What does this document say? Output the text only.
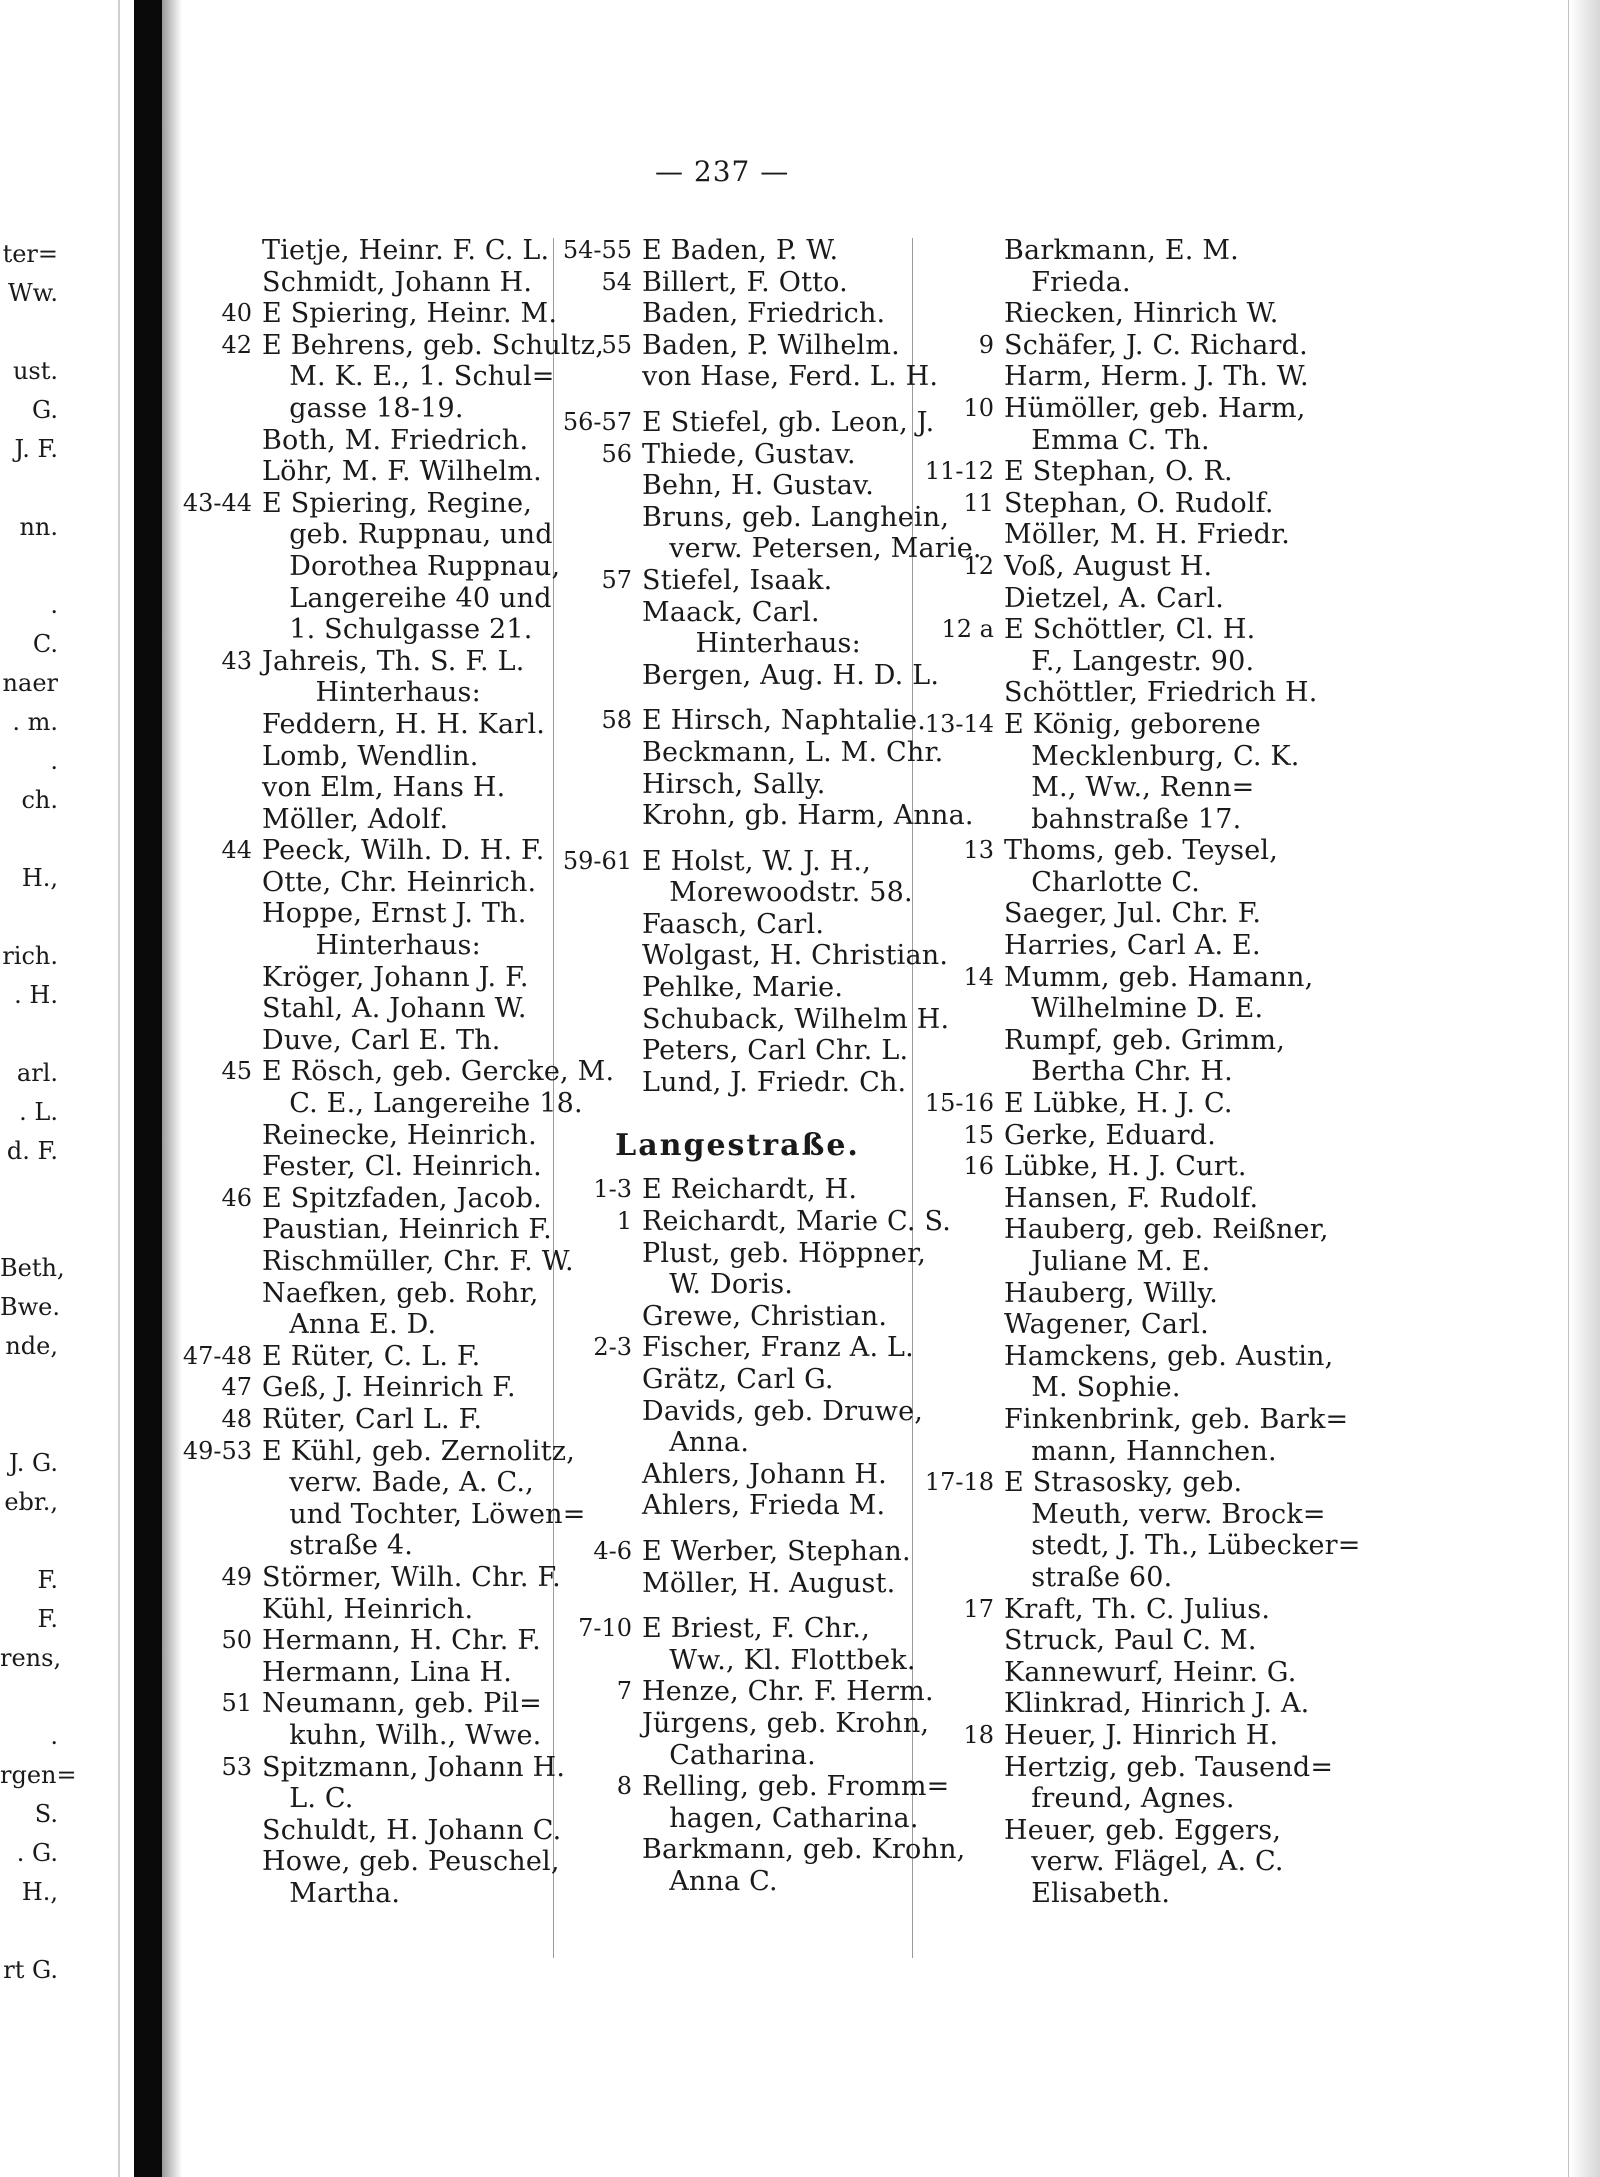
ter=
Ww.
ust.
G.
J. F.
nn.
.
C.
naer
. m.
.
ch.
H.,
rich.
. H.
arl.
. L.
d. F.
Beth,
Bwe.
nde,
J. G.
ebr.,
F.
F.
rens,
.
rgen=
S.
. G.
H.,
rt G.
— 237 —
Tietje, Heinr. F. C. L.
Schmidt, Johann H.
40 E Spiering, Heinr. M.
42 E Behrens, geb. Schultz,
 M. K. E., 1. Schul=
 gasse 18-19.
Both, M. Friedrich.
Löhr, M. F. Wilhelm.
43-44 E Spiering, Regine,
 geb. Ruppnau, und
 Dorothea Ruppnau,
 Langereihe 40 und
 1. Schulgasse 21.
43 Jahreis, Th. S. F. L.
    Hinterhaus:
Feddern, H. H. Karl.
Lomb, Wendlin.
von Elm, Hans H.
Möller, Adolf.
44 Peeck, Wilh. D. H. F.
Otte, Chr. Heinrich.
Hoppe, Ernst J. Th.
    Hinterhaus:
Kröger, Johann J. F.
Stahl, A. Johann W.
Duve, Carl E. Th.
45 E Rösch, geb. Gercke, M.
 C. E., Langereihe 18.
Reinecke, Heinrich.
Fester, Cl. Heinrich.
46 E Spitzfaden, Jacob.
Paustian, Heinrich F.
Rischmüller, Chr. F. W.
Naefken, geb. Rohr,
 Anna E. D.
47-48 E Rüter, C. L. F.
47 Geß, J. Heinrich F.
48 Rüter, Carl L. F.
49-53 E Kühl, geb. Zernolitz,
 verw. Bade, A. C.,
 und Tochter, Löwen=
 straße 4.
49 Störmer, Wilh. Chr. F.
Kühl, Heinrich.
50 Hermann, H. Chr. F.
Hermann, Lina H.
51 Neumann, geb. Pil=
 kuhn, Wilh., Wwe.
53 Spitzmann, Johann H.
 L. C.
Schuldt, H. Johann C.
Howe, geb. Peuschel,
 Martha.
54-55 E Baden, P. W.
54 Billert, F. Otto.
Baden, Friedrich.
55 Baden, P. Wilhelm.
von Hase, Ferd. L. H.
56-57 E Stiefel, gb. Leon, J.
56 Thiede, Gustav.
Behn, H. Gustav.
Bruns, geb. Langhein,
 verw. Petersen, Marie.
57 Stiefel, Isaak.
Maack, Carl.
    Hinterhaus:
Bergen, Aug. H. D. L.
58 E Hirsch, Naphtalie.
Beckmann, L. M. Chr.
Hirsch, Sally.
Krohn, gb. Harm, Anna.
59-61 E Holst, W. J. H.,
 Morewoodstr. 58.
Faasch, Carl.
Wolgast, H. Christian.
Pehlke, Marie.
Schuback, Wilhelm H.
Peters, Carl Chr. L.
Lund, J. Friedr. Ch.
Langestraße.
1-3 E Reichardt, H.
1 Reichardt, Marie C. S.
Plust, geb. Höppner,
 W. Doris.
Grewe, Christian.
2-3 Fischer, Franz A. L.
Grätz, Carl G.
Davids, geb. Druwe,
 Anna.
Ahlers, Johann H.
Ahlers, Frieda M.
4-6 E Werber, Stephan.
Möller, H. August.
7-10 E Briest, F. Chr.,
 Ww., Kl. Flottbek.
7 Henze, Chr. F. Herm.
Jürgens, geb. Krohn,
 Catharina.
8 Relling, geb. Fromm=
 hagen, Catharina.
Barkmann, geb. Krohn,
 Anna C.
Barkmann, E. M.
 Frieda.
Riecken, Hinrich W.
9 Schäfer, J. C. Richard.
Harm, Herm. J. Th. W.
10 Hümöller, geb. Harm,
 Emma C. Th.
11-12 E Stephan, O. R.
11 Stephan, O. Rudolf.
Möller, M. H. Friedr.
12 Voß, August H.
Dietzel, A. Carl.
12 a E Schöttler, Cl. H.
 F., Langestr. 90.
Schöttler, Friedrich H.
13-14 E König, geborene
 Mecklenburg, C. K.
 M., Ww., Renn=
 bahnstraße 17.
13 Thoms, geb. Teysel,
 Charlotte C.
Saeger, Jul. Chr. F.
Harries, Carl A. E.
14 Mumm, geb. Hamann,
 Wilhelmine D. E.
Rumpf, geb. Grimm,
 Bertha Chr. H.
15-16 E Lübke, H. J. C.
15 Gerke, Eduard.
16 Lübke, H. J. Curt.
Hansen, F. Rudolf.
Hauberg, geb. Reißner,
 Juliane M. E.
Hauberg, Willy.
Wagener, Carl.
Hamckens, geb. Austin,
 M. Sophie.
Finkenbrink, geb. Bark=
 mann, Hannchen.
17-18 E Strasosky, geb.
 Meuth, verw. Brock=
 stedt, J. Th., Lübecker=
 straße 60.
17 Kraft, Th. C. Julius.
Struck, Paul C. M.
Kannewurf, Heinr. G.
Klinkrad, Hinrich J. A.
18 Heuer, J. Hinrich H.
Hertzig, geb. Tausend=
 freund, Agnes.
Heuer, geb. Eggers,
 verw. Flägel, A. C.
 Elisabeth.
